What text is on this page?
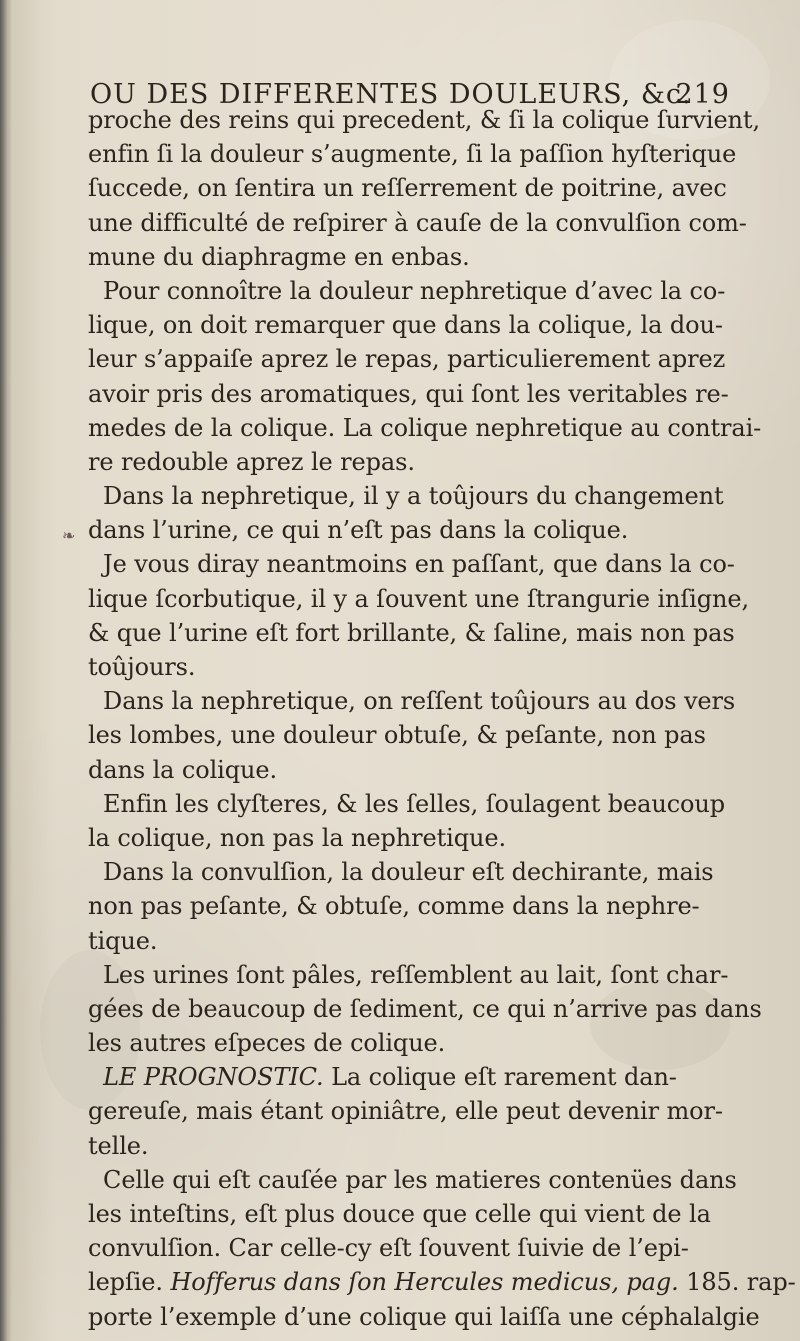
OU DES DIFFERENTES DOULEURS, &c.
219
❧
proche des reins qui precedent, & ſi la colique ſurvient,
enfin ſi la douleur s’augmente, ſi la paſſion hyſterique
ſuccede, on ſentira un reſſerrement de poitrine, avec
une difficulté de reſpirer à cauſe de la convulſion com-
mune du diaphragme en enbas.
Pour connoître la douleur nephretique d’avec la co-
lique, on doit remarquer que dans la colique, la dou-
leur s’appaiſe aprez le repas, particulierement aprez
avoir pris des aromatiques, qui ſont les veritables re-
medes de la colique. La colique nephretique au contrai-
re redouble aprez le repas.
Dans la nephretique, il y a toûjours du changement
dans l’urine, ce qui n’eſt pas dans la colique.
Je vous diray neantmoins en paſſant, que dans la co-
lique ſcorbutique, il y a ſouvent une ſtrangurie inſigne,
& que l’urine eſt fort brillante, & ſaline, mais non pas
toûjours.
Dans la nephretique, on reſſent toûjours au dos vers
les lombes, une douleur obtuſe, & peſante, non pas
dans la colique.
Enfin les clyſteres, & les ſelles, ſoulagent beaucoup
la colique, non pas la nephretique.
Dans la convulſion, la douleur eſt dechirante, mais
non pas peſante, & obtuſe, comme dans la nephre-
tique.
Les urines ſont pâles, reſſemblent au lait, ſont char-
gées de beaucoup de ſediment, ce qui n’arrive pas dans
les autres eſpeces de colique.
LE PROGNOSTIC. La colique eſt rarement dan-
gereuſe, mais étant opiniâtre, elle peut devenir mor-
telle.
Celle qui eſt cauſée par les matieres contenües dans
les inteſtins, eſt plus douce que celle qui vient de la
convulſion. Car celle-cy eſt ſouvent ſuivie de l’epi-
lepſie. Hofferus dans ſon Hercules medicus, pag. 185. rap-
porte l’exemple d’une colique qui laiſſa une céphalalgie
